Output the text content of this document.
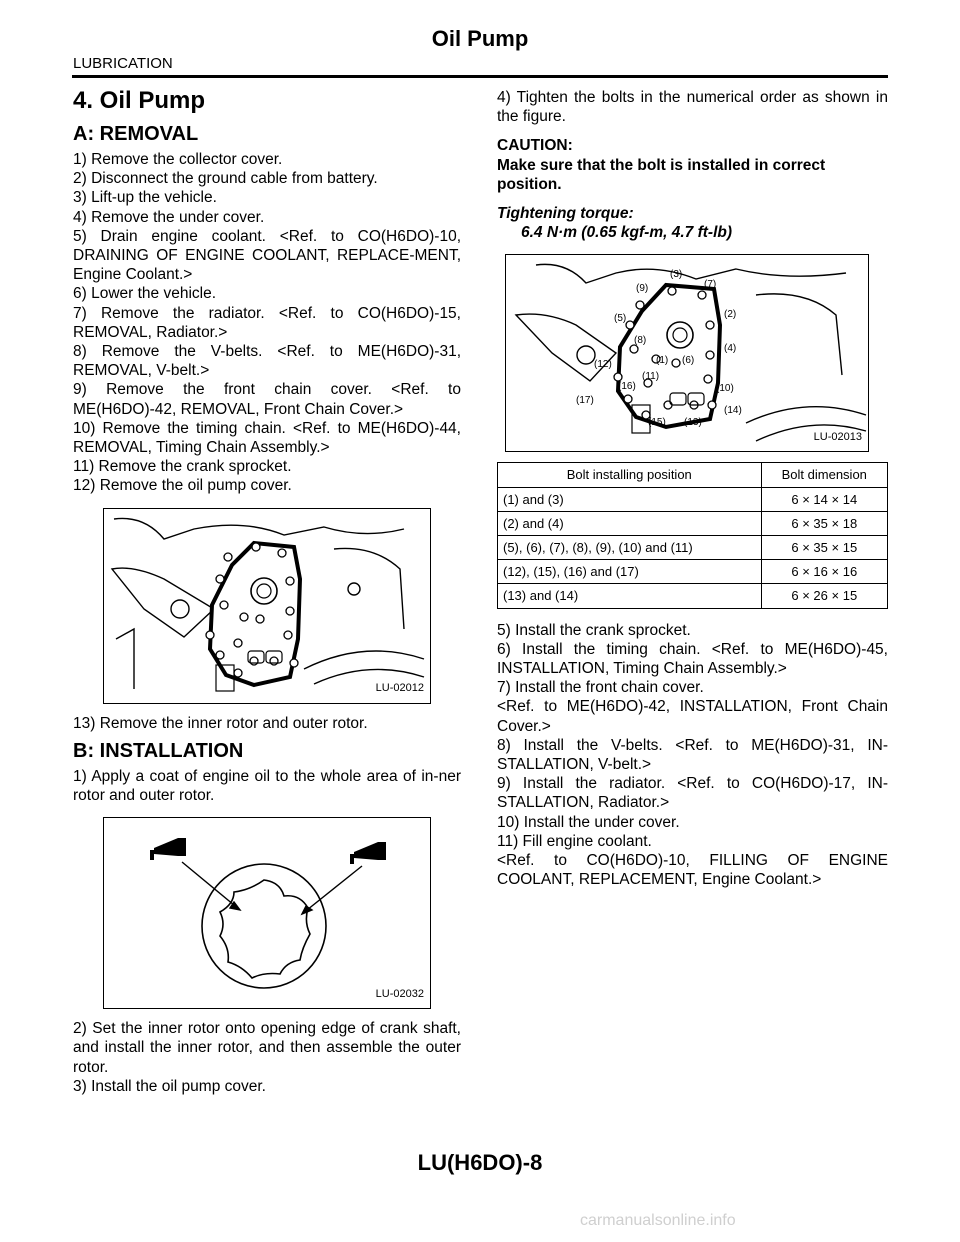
Oil Pump
LUBRICATION
4. Oil Pump
A: REMOVAL

1) Remove the collector cover.

2) Disconnect the ground cable from battery.

3) Lift-up the vehicle.

4) Remove the under cover.

5) Drain engine coolant. <Ref. to CO(H6DO)-10, DRAINING OF ENGINE COOLANT, REPLACE-MENT, Engine Coolant.>

6) Lower the vehicle.

7) Remove the radiator. <Ref. to CO(H6DO)-15, REMOVAL, Radiator.>

8) Remove the V-belts. <Ref. to ME(H6DO)-31, REMOVAL, V-belt.>

9) Remove the front chain cover. <Ref. to ME(H6DO)-42, REMOVAL, Front Chain Cover.>

10) Remove the timing chain. <Ref. to ME(H6DO)-44, REMOVAL, Timing Chain Assembly.>

11) Remove the crank sprocket.

12) Remove the oil pump cover.

LU-02012

13) Remove the inner rotor and outer rotor.

B: INSTALLATION

1) Apply a coat of engine oil to the whole area of in-ner rotor and outer rotor.

LU-02032

2) Set the inner rotor onto opening edge of crank shaft, and install the inner rotor, and then assemble the outer rotor.

3) Install the oil pump cover.

4) Tighten the bolts in the numerical order as shown in the figure.

CAUTION:

Make sure that the bolt is installed in correct position.

Tightening torque:

6.4 N·m (0.65 kgf-m, 4.7 ft-lb)

(1)
(2)
(3)
(4)
(5)
(6)
(7)
(8)
(9)
(10)
(11)
(12)
(13)
(14)
(15)
(16)
(17)
LU-02013
Bolt installing position	Bolt dimension
(1) and (3)	6 × 14 × 14
(2) and (4)	6 × 35 × 18
(5), (6), (7), (8), (9), (10) and (11)	6 × 35 × 15
(12), (15), (16) and (17)	6 × 16 × 16
(13) and (14)	6 × 26 × 15

5) Install the crank sprocket.

6) Install the timing chain. <Ref. to ME(H6DO)-45, INSTALLATION, Timing Chain Assembly.>

7) Install the front chain cover.

<Ref. to ME(H6DO)-42, INSTALLATION, Front Chain Cover.>

8) Install the V-belts. <Ref. to ME(H6DO)-31, IN-STALLATION, V-belt.>

9) Install the radiator. <Ref. to CO(H6DO)-17, IN-STALLATION, Radiator.>

10) Install the under cover.

11) Fill engine coolant.

<Ref. to CO(H6DO)-10, FILLING OF ENGINE COOLANT, REPLACEMENT, Engine Coolant.>

LU(H6DO)-8
carmanualsonline.info
